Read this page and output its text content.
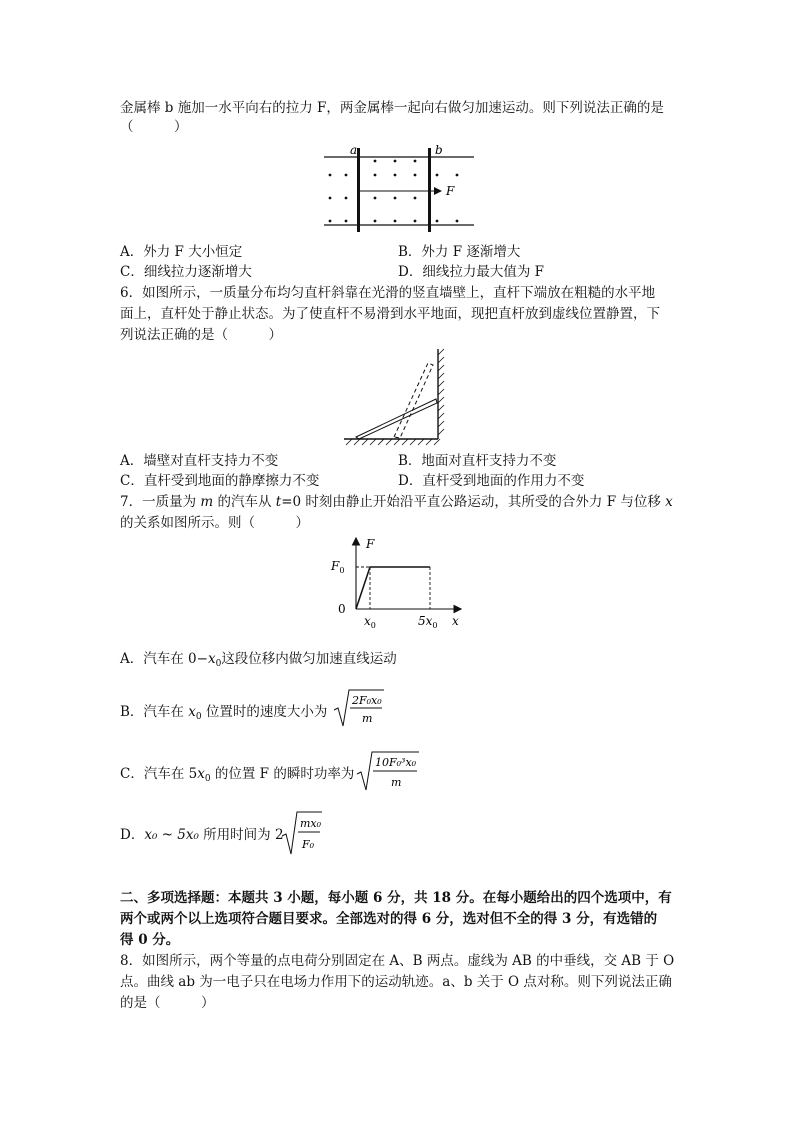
金属棒 b 施加一水平向右的拉力 F，两金属棒一起向右做匀加速运动。则下列说法正确的是
（　　　）
a	b
F
A．外力 F 大小恒定	B．外力 F 逐渐增大
C．细线拉力逐渐增大	D．细线拉力最大值为 F
6．如图所示，一质量分布均匀直杆斜靠在光滑的竖直墙壁上，直杆下端放在粗糙的水平地
面上，直杆处于静止状态。为了使直杆不易滑到水平地面，现把直杆放到虚线位置静置，下
列说法正确的是（　　　）
A．墙壁对直杆支持力不变	B．地面对直杆支持力不变
C．直杆受到地面的静摩擦力不变	D．直杆受到地面的作用力不变
7．一质量为 m 的汽车从 t=0 时刻由静止开始沿平直公路运动，其所受的合外力 F 与位移 x
的关系如图所示。则（　　　）
F
$F_0$
0
$x_0$	$5x_0$ x
A．汽车在 $0-x_0$这段位移内做匀加速直线运动
B．汽车在 $x_0$ 位置时的速度大小为
2F₀x₀
m
C．汽车在 $5x_0$ 的位置 F 的瞬时功率为
10F₀³x₀
m
D．x₀ ~ 5x₀ 所用时间为 2
mx₀
F₀
二、多项选择题：本题共 3 小题，每小题 6 分，共 18 分。在每小题给出的四个选项中，有
两个或两个以上选项符合题目要求。全部选对的得 6 分，选对但不全的得 3 分，有选错的
得 0 分。
8．如图所示，两个等量的点电荷分别固定在 A、B 两点。虚线为 AB 的中垂线，交 AB 于 O
点。曲线 ab 为一电子只在电场力作用下的运动轨迹。a、b 关于 O 点对称。则下列说法正确
的是（　　　）
